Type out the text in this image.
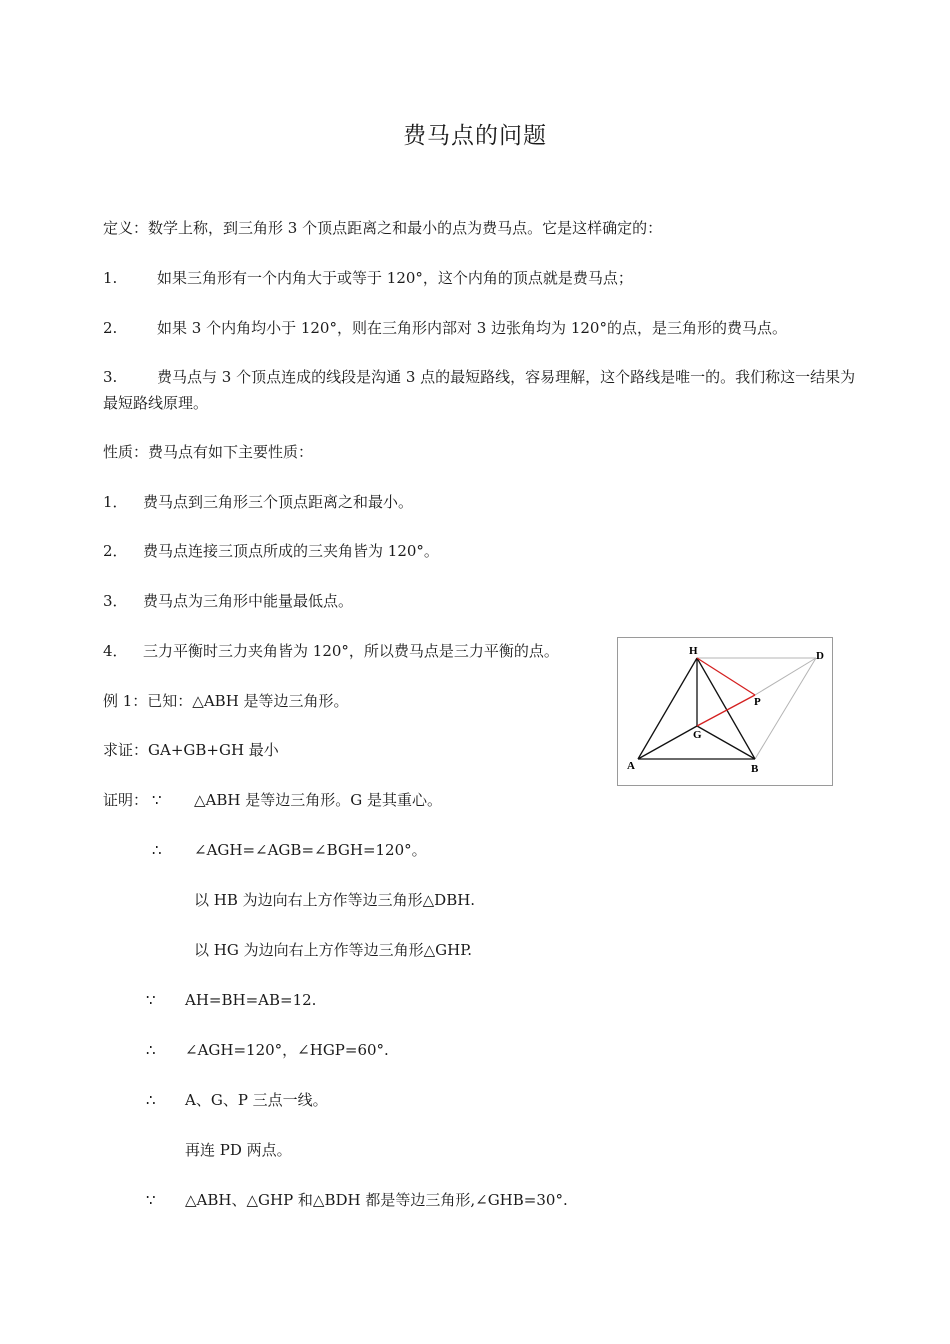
费马点的问题
定义：数学上称，到三角形 3 个顶点距离之和最小的点为费马点。它是这样确定的：
1.	如果三角形有一个内角大于或等于 120°，这个内角的顶点就是费马点；
2.	如果 3 个内角均小于 120°，则在三角形内部对 3 边张角均为 120°的点，是三角形的费马点。
3.	费马点与 3 个顶点连成的线段是沟通 3 点的最短路线，容易理解，这个路线是唯一的。我们称这一结果为最短路线原理。
性质：费马点有如下主要性质：
1． 费马点到三角形三个顶点距离之和最小。
2． 费马点连接三顶点所成的三夹角皆为 120°。
3． 费马点为三角形中能量最低点。
4． 三力平衡时三力夹角皆为 120°，所以费马点是三力平衡的点。
例 1：已知：△ABH 是等边三角形。
求证：GA+GB+GH 最小
证明： ∵ △ABH 是等边三角形。G 是其重心。
∴ ∠AGH=∠AGB=∠BGH=120°。
以 HB 为边向右上方作等边三角形△DBH.
以 HG 为边向右上方作等边三角形△GHP.
∵ AH=BH=AB=12.
∴ ∠AGH=120°，∠HGP=60°.
∴ A、G、P 三点一线。
再连 PD 两点。
∵ △ABH、△GHP 和△BDH 都是等边三角形,∠GHB=30°.
H	D
P
G
A	B
